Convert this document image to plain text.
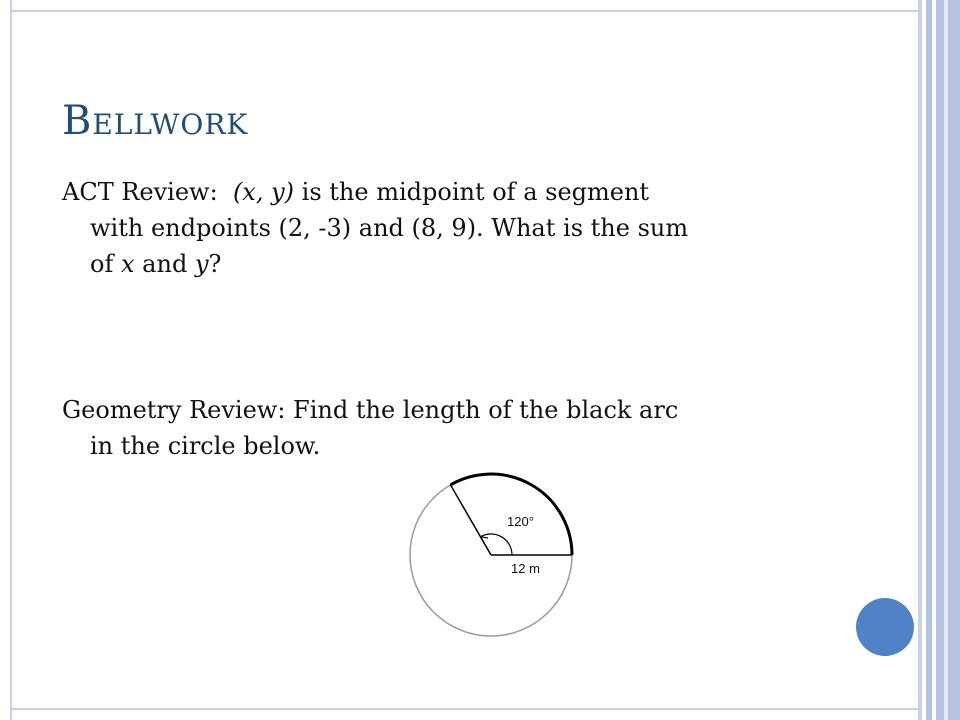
Bellwork
ACT Review: (x, y) is the midpoint of a segment
with endpoints (2, -3) and (8, 9). What is the sum
of x and y?
Geometry Review: Find the length of the black arc
in the circle below.
120°
12 m
